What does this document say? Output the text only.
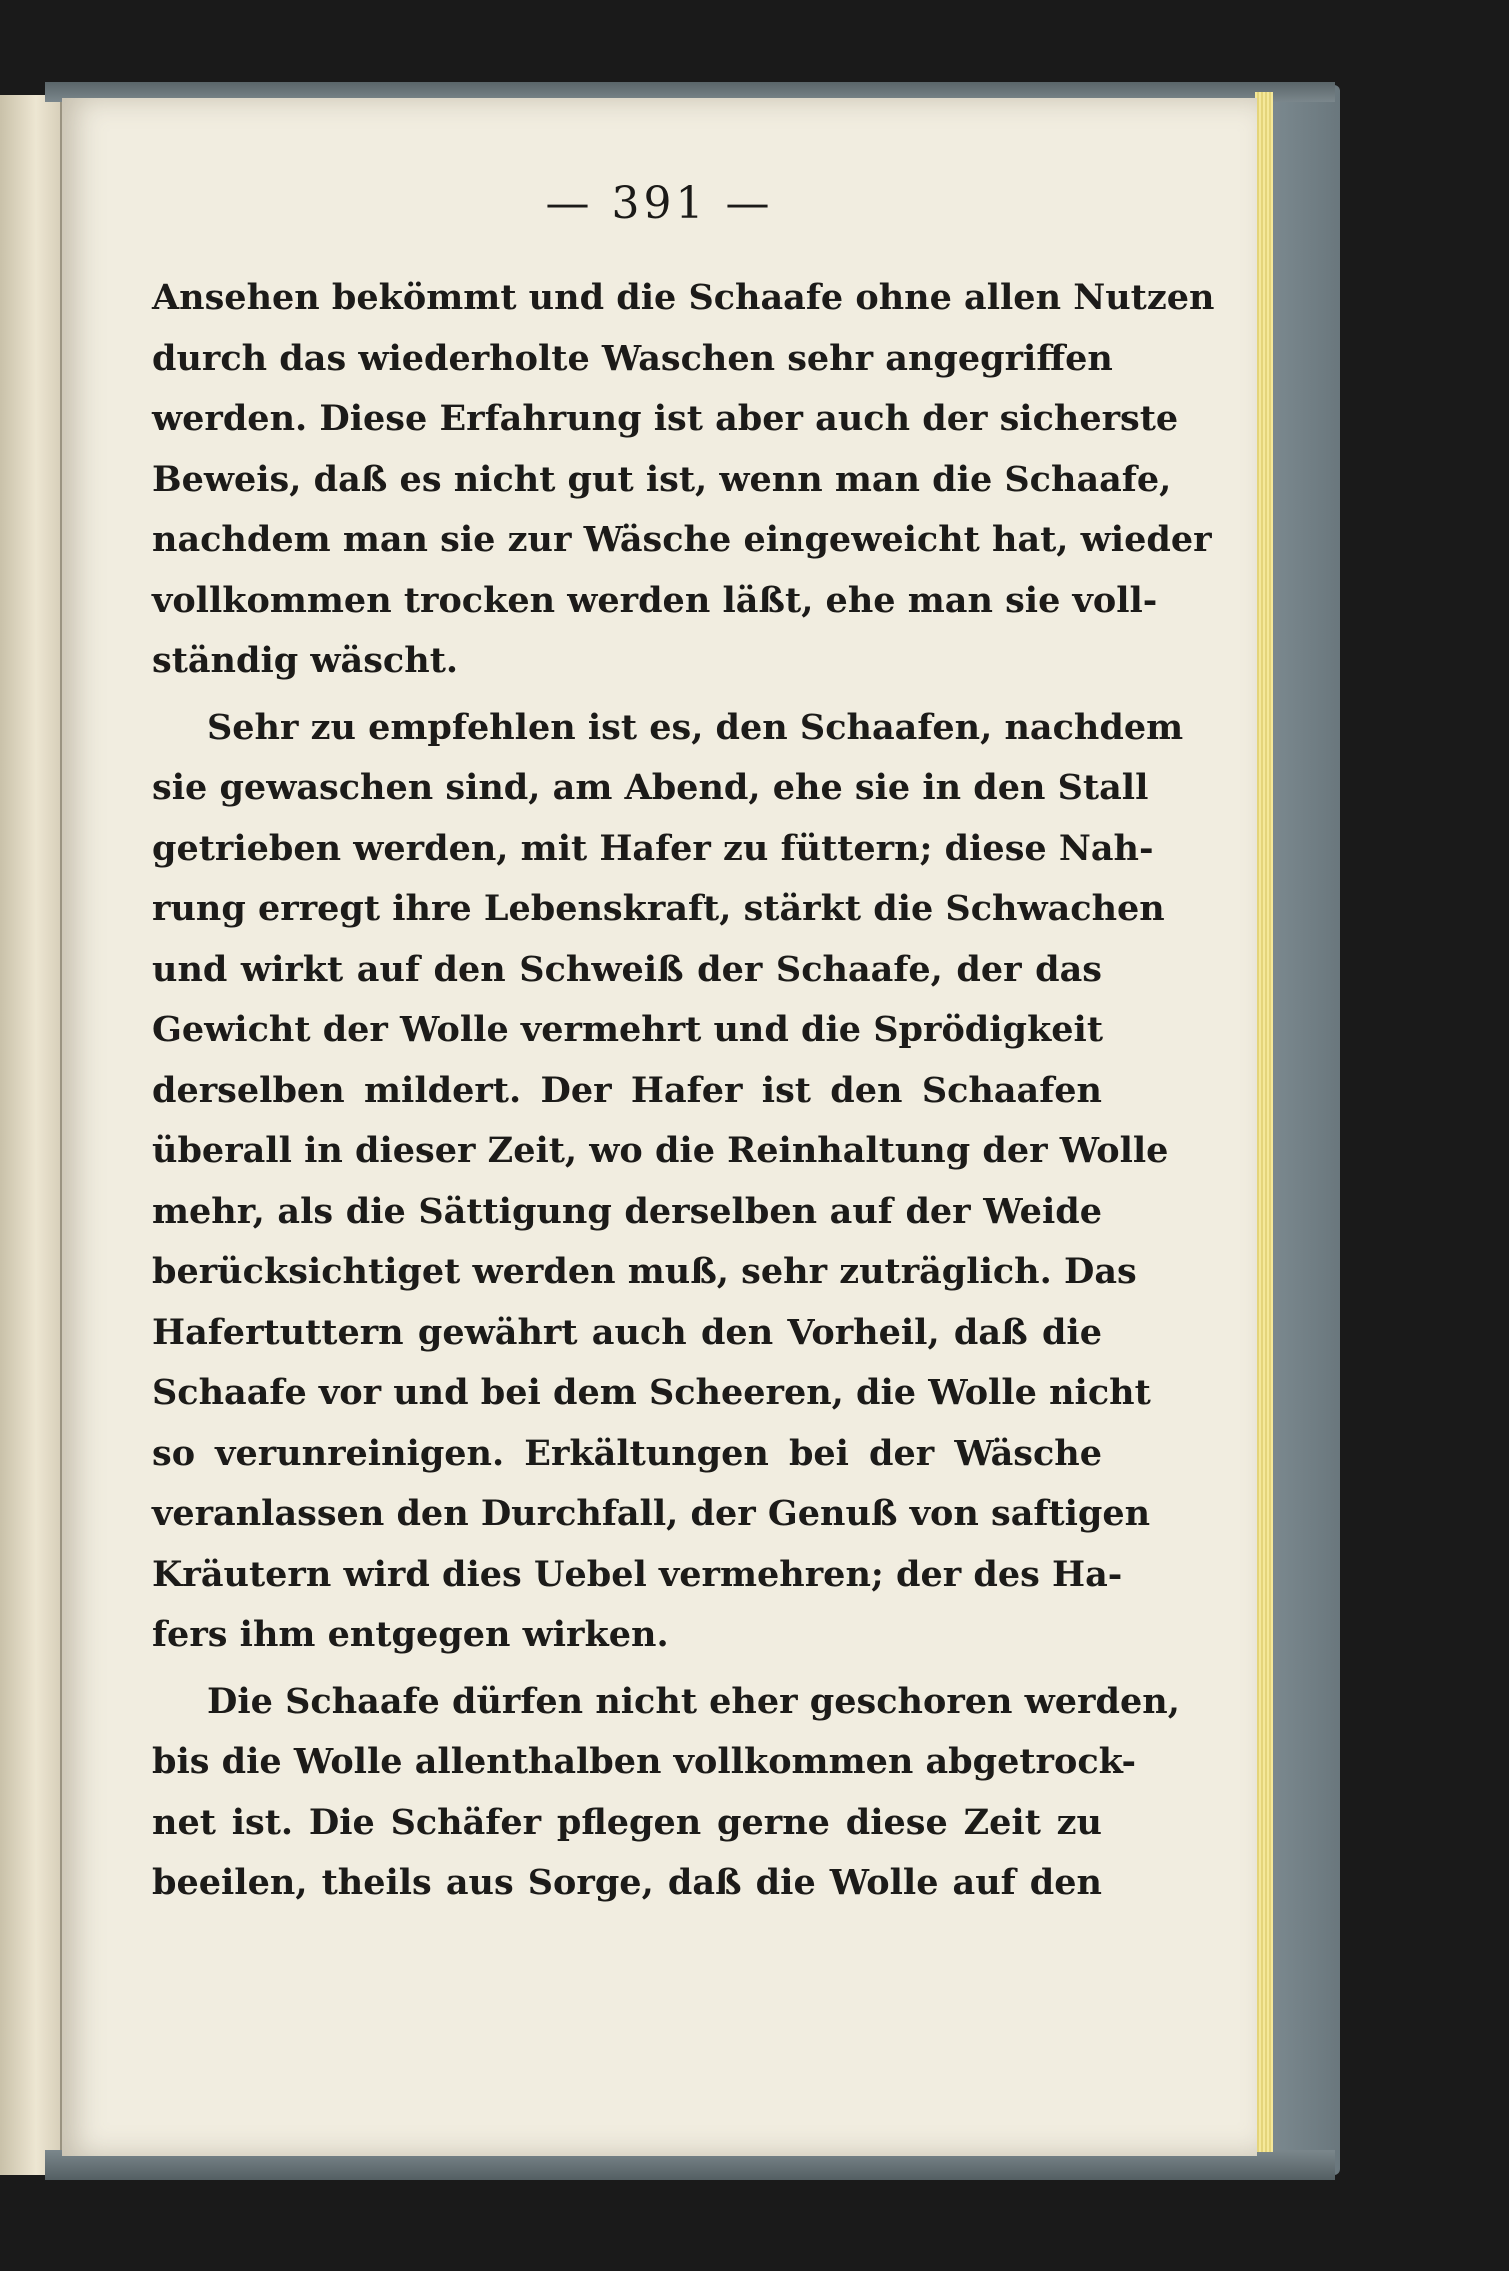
— 391 —

Ansehen bekömmt und die Schaafe ohne allen Nutzen
durch das wiederholte Waschen sehr angegriffen
werden. Diese Erfahrung ist aber auch der sicherste
Beweis, daß es nicht gut ist, wenn man die Schaafe,
nachdem man sie zur Wäsche eingeweicht hat, wieder
vollkommen trocken werden läßt, ehe man sie voll-
ständig wäscht.

Sehr zu empfehlen ist es, den Schaafen, nachdem
sie gewaschen sind, am Abend, ehe sie in den Stall
getrieben werden, mit Hafer zu füttern; diese Nah-
rung erregt ihre Lebenskraft, stärkt die Schwachen
und wirkt auf den Schweiß der Schaafe, der das
Gewicht der Wolle vermehrt und die Sprödigkeit
derselben mildert. Der Hafer ist den Schaafen
überall in dieser Zeit, wo die Reinhaltung der Wolle
mehr, als die Sättigung derselben auf der Weide
berücksichtiget werden muß, sehr zuträglich. Das
Hafertuttern gewährt auch den Vorheil, daß die
Schaafe vor und bei dem Scheeren, die Wolle nicht
so verunreinigen. Erkältungen bei der Wäsche
veranlassen den Durchfall, der Genuß von saftigen
Kräutern wird dies Uebel vermehren; der des Ha-
fers ihm entgegen wirken.

Die Schaafe dürfen nicht eher geschoren werden,
bis die Wolle allenthalben vollkommen abgetrock-
net ist. Die Schäfer pflegen gerne diese Zeit zu
beeilen, theils aus Sorge, daß die Wolle auf den
